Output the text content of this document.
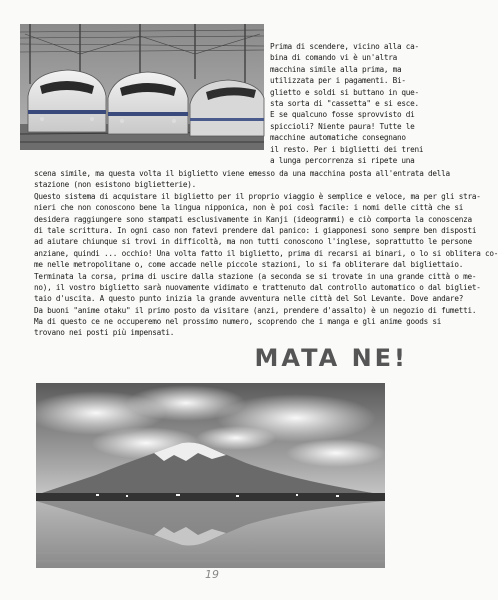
Prima di scendere, vicino alla ca-
bina di comando vi è un'altra
macchina simile alla prima, ma
utilizzata per i pagamenti. Bi-
glietto e soldi si buttano in que-
sta sorta di "cassetta" e si esce.
E se qualcuno fosse sprovvisto di
spiccioli? Niente paura! Tutte le
macchine automatiche consegnano
il resto. Per i biglietti dei treni
a lunga percorrenza si ripete una
scena simile, ma questa volta il biglietto viene emesso da una macchina posta all'entrata della
stazione (non esistono biglietterie).
Questo sistema di acquistare il biglietto per il proprio viaggio è semplice e veloce, ma per gli stra-
nieri che non conoscono bene la lingua nipponica, non è poi così facile: i nomi delle città che si
desidera raggiungere sono stampati esclusivamente in Kanji (ideogrammi) e ciò comporta la conoscenza
di tale scrittura. In ogni caso non fatevi prendere dal panico: i giapponesi sono sempre ben disposti
ad aiutare chiunque si trovi in difficoltà, ma non tutti conoscono l'inglese, soprattutto le persone
anziane, quindi ... occhio! Una volta fatto il biglietto, prima di recarsi ai binari, o lo si oblitera co-
me nelle metropolitane o, come accade nelle piccole stazioni, lo si fa obliterare dal bigliettaio.
Terminata la corsa, prima di uscire dalla stazione (a seconda se si trovate in una grande città o me-
no), il vostro biglietto sarà nuovamente vidimato e trattenuto dal controllo automatico o dal bigliet-
taio d'uscita. A questo punto inizia la grande avventura nelle città del Sol Levante. Dove andare?
Da buoni "anime otaku" il primo posto da visitare (anzi, prendere d'assalto) è un negozio di fumetti.
Ma di questo ce ne occuperemo nel prossimo numero, scoprendo che i manga e gli anime goods si
trovano nei posti più impensati.
MATA NE!
19
